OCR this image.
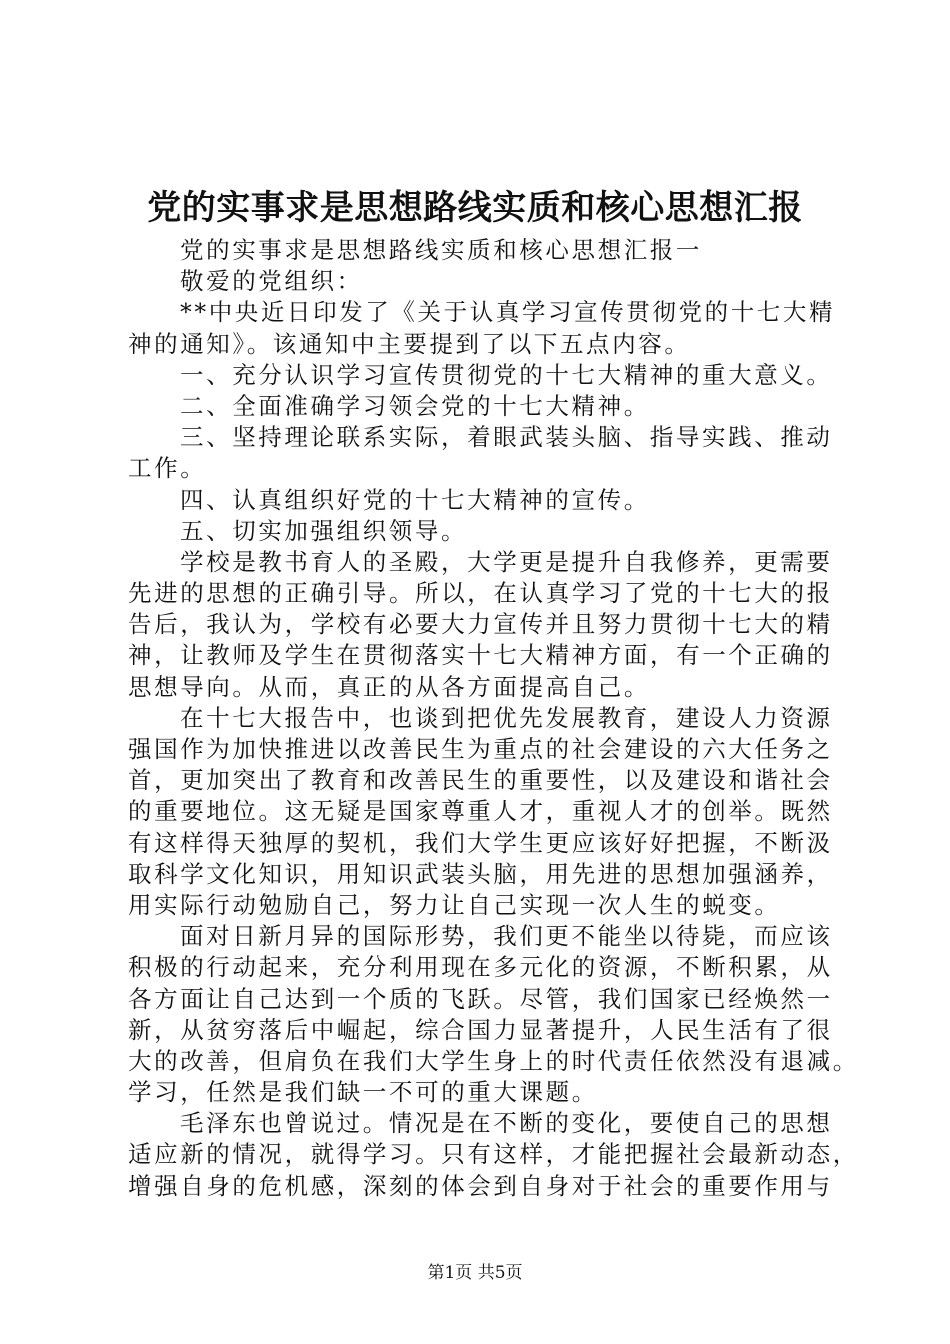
党的实事求是思想路线实质和核心思想汇报
党的实事求是思想路线实质和核心思想汇报一
敬爱的党组织：
**中央近日印发了《关于认真学习宣传贯彻党的十七大精
神的通知》。该通知中主要提到了以下五点内容。
一、充分认识学习宣传贯彻党的十七大精神的重大意义。
二、全面准确学习领会党的十七大精神。
三、坚持理论联系实际，着眼武装头脑、指导实践、推动
工作。
四、认真组织好党的十七大精神的宣传。
五、切实加强组织领导。
学校是教书育人的圣殿，大学更是提升自我修养，更需要
先进的思想的正确引导。所以，在认真学习了党的十七大的报
告后，我认为，学校有必要大力宣传并且努力贯彻十七大的精
神，让教师及学生在贯彻落实十七大精神方面，有一个正确的
思想导向。从而，真正的从各方面提高自己。
在十七大报告中，也谈到把优先发展教育，建设人力资源
强国作为加快推进以改善民生为重点的社会建设的六大任务之
首，更加突出了教育和改善民生的重要性，以及建设和谐社会
的重要地位。这无疑是国家尊重人才，重视人才的创举。既然
有这样得天独厚的契机，我们大学生更应该好好把握，不断汲
取科学文化知识，用知识武装头脑，用先进的思想加强涵养，
用实际行动勉励自己，努力让自己实现一次人生的蜕变。
面对日新月异的国际形势，我们更不能坐以待毙，而应该
积极的行动起来，充分利用现在多元化的资源，不断积累，从
各方面让自己达到一个质的飞跃。尽管，我们国家已经焕然一
新，从贫穷落后中崛起，综合国力显著提升，人民生活有了很
大的改善，但肩负在我们大学生身上的时代责任依然没有退减。
学习，任然是我们缺一不可的重大课题。
毛泽东也曾说过。情况是在不断的变化，要使自己的思想
适应新的情况，就得学习。只有这样，才能把握社会最新动态，
增强自身的危机感，深刻的体会到自身对于社会的重要作用与
第1页 共5页
